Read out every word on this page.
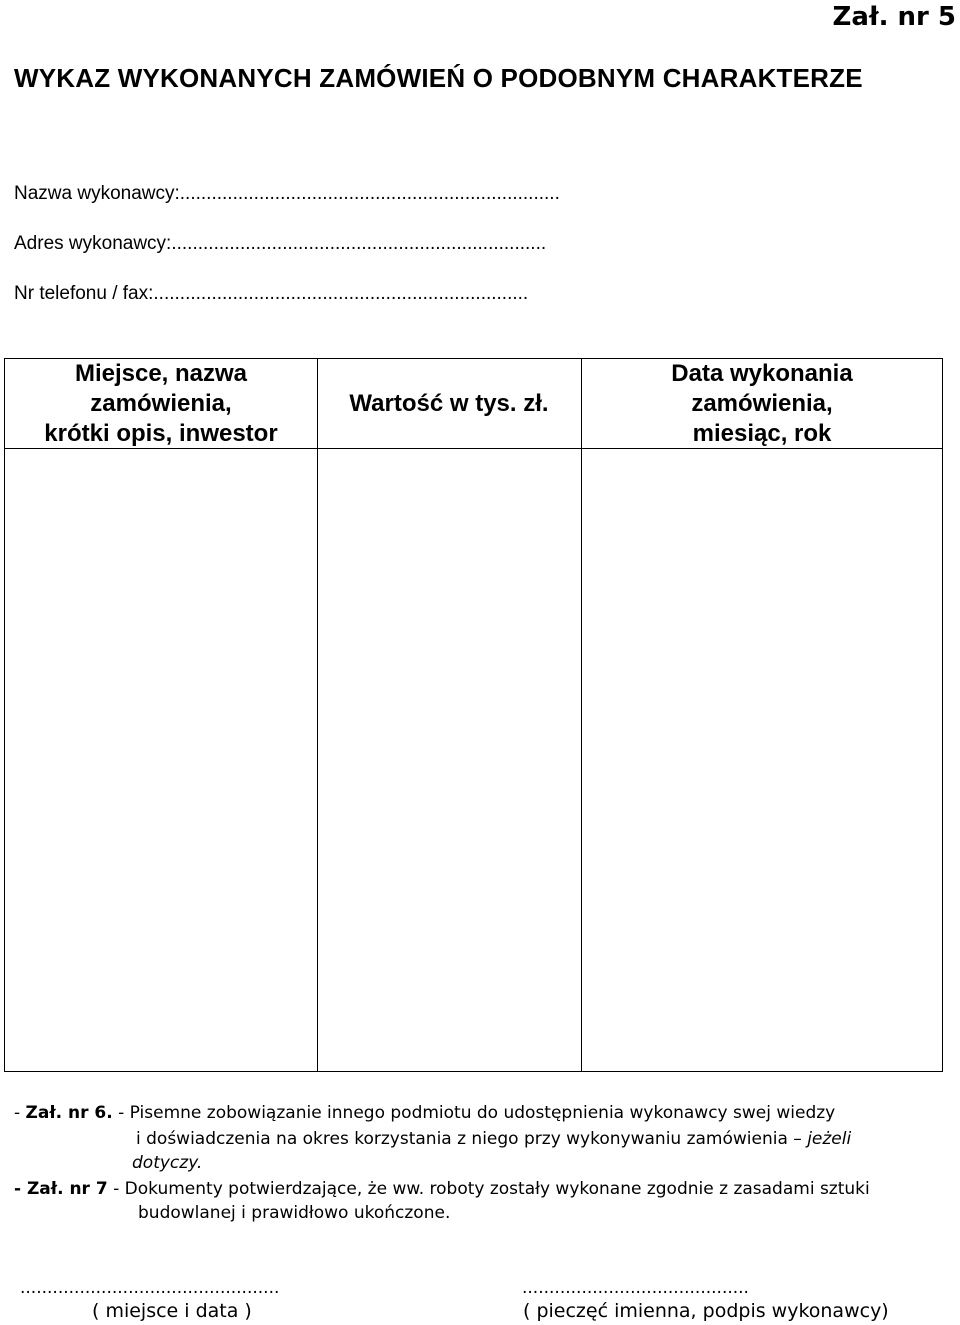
Zał. nr 5
WYKAZ WYKONANYCH ZAMÓWIEŃ O PODOBNYM CHARAKTERZE
Nazwa wykonawcy:........................................................................
Adres wykonawcy:.......................................................................
Nr telefonu / fax:.......................................................................
Miejsce, nazwa
zamówienia,
krótki opis, inwestor
Wartość w tys. zł.
Data wykonania
zamówienia,
miesiąc, rok
- Zał. nr 6. - Pisemne zobowiązanie innego podmiotu do udostępnienia wykonawcy swej wiedzy
i doświadczenia na okres korzystania z niego przy wykonywaniu zamówienia – jeżeli
dotyczy.
- Zał. nr 7 - Dokumenty potwierdzające, że ww. roboty zostały wykonane zgodnie z zasadami sztuki
budowlanej i prawidłowo ukończone.
................................................	..........................................
( miejsce i data )	( pieczęć imienna, podpis wykonawcy)
